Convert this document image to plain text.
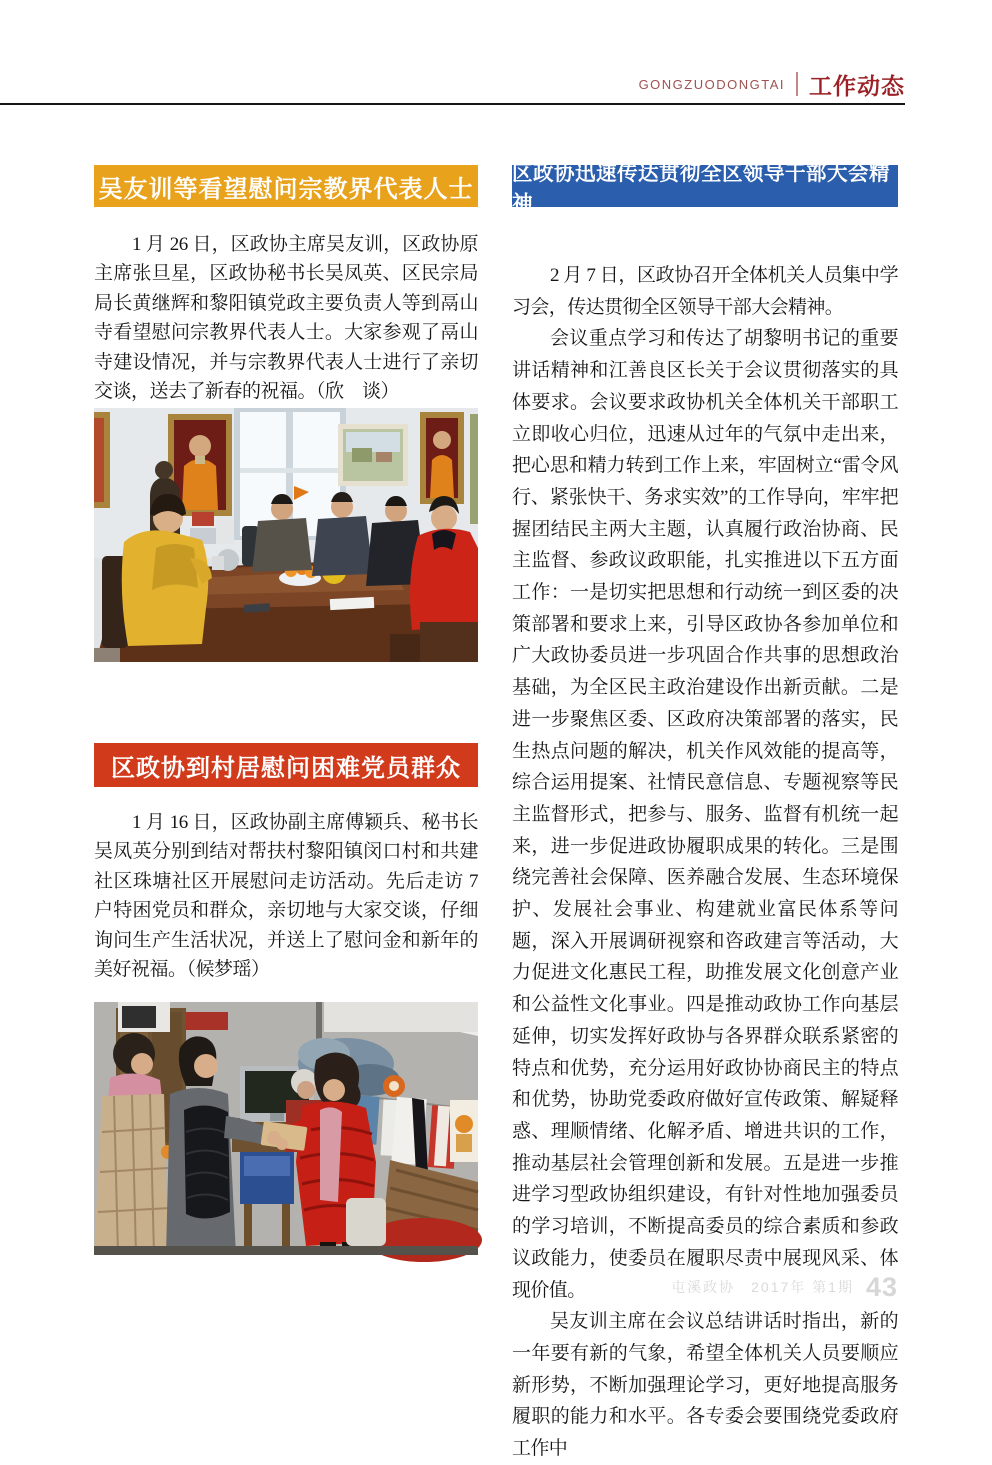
GONGZUODONGTAI 工作动态
吴友训等看望慰问宗教界代表人士

1 月 26 日，区政协主席吴友训，区政协原主席张旦星，区政协秘书长吴凤英、区民宗局局长黄继辉和黎阳镇党政主要负责人等到鬲山寺看望慰问宗教界代表人士。大家参观了鬲山寺建设情况，并与宗教界代表人士进行了亲切交谈，送去了新春的祝福。（欣　谈）

区政协到村居慰问困难党员群众

1 月 16 日，区政协副主席傅颖兵、秘书长吴凤英分别到结对帮扶村黎阳镇闵口村和共建社区珠塘社区开展慰问走访活动。先后走访 7 户特困党员和群众，亲切地与大家交谈，仔细询问生产生活状况，并送上了慰问金和新年的美好祝福。（候梦瑶）

区政协迅速传达贯彻全区领导干部大会精神

2 月 7 日，区政协召开全体机关人员集中学习会，传达贯彻全区领导干部大会精神。

会议重点学习和传达了胡黎明书记的重要讲话精神和江善良区长关于会议贯彻落实的具体要求。会议要求政协机关全体机关干部职工立即收心归位，迅速从过年的气氛中走出来，把心思和精力转到工作上来，牢固树立“雷令风行、紧张快干、务求实效”的工作导向，牢牢把握团结民主两大主题，认真履行政治协商、民主监督、参政议政职能，扎实推进以下五方面工作：一是切实把思想和行动统一到区委的决策部署和要求上来，引导区政协各参加单位和广大政协委员进一步巩固合作共事的思想政治基础，为全区民主政治建设作出新贡献。二是进一步聚焦区委、区政府决策部署的落实，民生热点问题的解决，机关作风效能的提高等，综合运用提案、社情民意信息、专题视察等民主监督形式，把参与、服务、监督有机统一起来，进一步促进政协履职成果的转化。三是围绕完善社会保障、医养融合发展、生态环境保护、发展社会事业、构建就业富民体系等问题，深入开展调研视察和咨政建言等活动，大力促进文化惠民工程，助推发展文化创意产业和公益性文化事业。四是推动政协工作向基层延伸，切实发挥好政协与各界群众联系紧密的特点和优势，充分运用好政协协商民主的特点和优势，协助党委政府做好宣传政策、解疑释惑、理顺情绪、化解矛盾、增进共识的工作，推动基层社会管理创新和发展。五是进一步推进学习型政协组织建设，有针对性地加强委员的学习培训，不断提高委员的综合素质和参政议政能力，使委员在履职尽责中展现风采、体现价值。

吴友训主席在会议总结讲话时指出，新的一年要有新的气象，希望全体机关人员要顺应新形势，不断加强理论学习，更好地提高服务履职的能力和水平。各专委会要围绕党委政府工作中

屯溪政协　2017年 第1期 43
